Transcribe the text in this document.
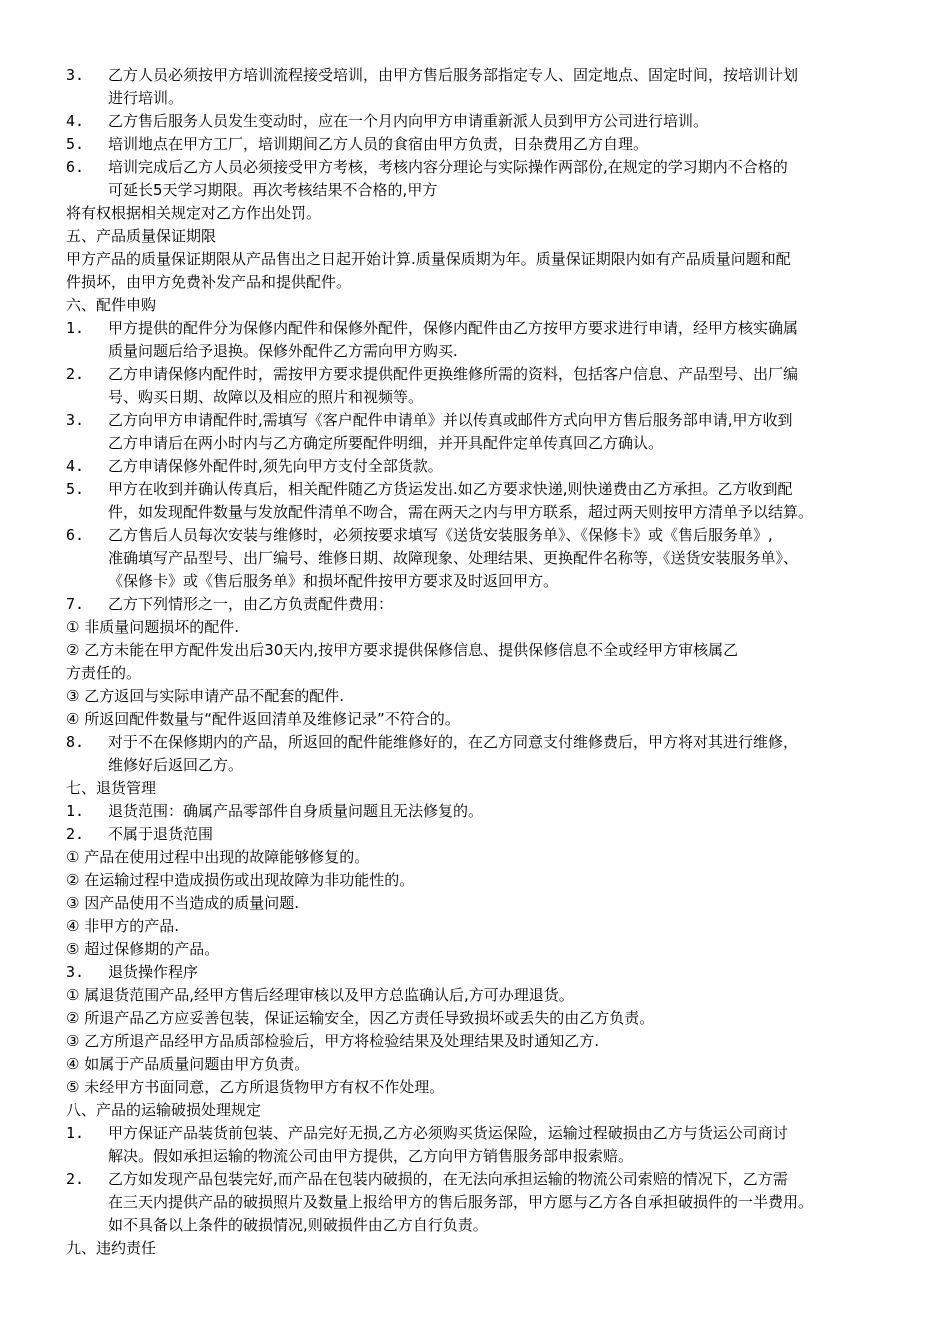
3.	乙方人员必须按甲方培训流程接受培训，由甲方售后服务部指定专人、固定地点、固定时间，按培训计划
进行培训。
4.	乙方售后服务人员发生变动时，应在一个月内向甲方申请重新派人员到甲方公司进行培训。
5.	培训地点在甲方工厂，培训期间乙方人员的食宿由甲方负责，日杂费用乙方自理。
6.	培训完成后乙方人员必须接受甲方考核，考核内容分理论与实际操作两部份,在规定的学习期内不合格的
可延长5天学习期限。再次考核结果不合格的,甲方
将有权根据相关规定对乙方作出处罚。
五、产品质量保证期限
甲方产品的质量保证期限从产品售出之日起开始计算.质量保质期为年。质量保证期限内如有产品质量问题和配
件损坏，由甲方免费补发产品和提供配件。
六、配件申购
1.	甲方提供的配件分为保修内配件和保修外配件，保修内配件由乙方按甲方要求进行申请，经甲方核实确属
质量问题后给予退换。保修外配件乙方需向甲方购买.
2.	乙方申请保修内配件时，需按甲方要求提供配件更换维修所需的资料，包括客户信息、产品型号、出厂编
号、购买日期、故障以及相应的照片和视频等。
3.	乙方向甲方申请配件时,需填写《客户配件申请单》并以传真或邮件方式向甲方售后服务部申请,甲方收到
乙方申请后在两小时内与乙方确定所要配件明细，并开具配件定单传真回乙方确认。
4.	乙方申请保修外配件时,须先向甲方支付全部货款。
5.	甲方在收到并确认传真后，相关配件随乙方货运发出.如乙方要求快递,则快递费由乙方承担。乙方收到配
件，如发现配件数量与发放配件清单不吻合，需在两天之内与甲方联系，超过两天则按甲方清单予以结算。
6.	乙方售后人员每次安装与维修时，必须按要求填写《送货安装服务单》、《保修卡》或《售后服务单》,
准确填写产品型号、出厂编号、维修日期、故障现象、处理结果、更换配件名称等，《送货安装服务单》、
《保修卡》或《售后服务单》和损坏配件按甲方要求及时返回甲方。
7.	乙方下列情形之一，由乙方负责配件费用：
① 非质量问题损坏的配件.
② 乙方未能在甲方配件发出后30天内,按甲方要求提供保修信息、提供保修信息不全或经甲方审核属乙
方责任的。
③ 乙方返回与实际申请产品不配套的配件.
④ 所返回配件数量与“配件返回清单及维修记录”不符合的。
8.	对于不在保修期内的产品，所返回的配件能维修好的，在乙方同意支付维修费后，甲方将对其进行维修，
维修好后返回乙方。
七、退货管理
1.	退货范围：确属产品零部件自身质量问题且无法修复的。
2.	不属于退货范围
① 产品在使用过程中出现的故障能够修复的。
② 在运输过程中造成损伤或出现故障为非功能性的。
③ 因产品使用不当造成的质量问题.
④ 非甲方的产品.
⑤ 超过保修期的产品。
3.	退货操作程序
① 属退货范围产品,经甲方售后经理审核以及甲方总监确认后,方可办理退货。
② 所退产品乙方应妥善包装，保证运输安全，因乙方责任导致损坏或丢失的由乙方负责。
③ 乙方所退产品经甲方品质部检验后，甲方将检验结果及处理结果及时通知乙方.
④ 如属于产品质量问题由甲方负责。
⑤ 未经甲方书面同意，乙方所退货物甲方有权不作处理。
八、产品的运输破损处理规定
1.	甲方保证产品装货前包装、产品完好无损,乙方必须购买货运保险，运输过程破损由乙方与货运公司商讨
解决。假如承担运输的物流公司由甲方提供，乙方向甲方销售服务部申报索赔。
2.	乙方如发现产品包装完好,而产品在包装内破损的，在无法向承担运输的物流公司索赔的情况下，乙方需
在三天内提供产品的破损照片及数量上报给甲方的售后服务部，甲方愿与乙方各自承担破损件的一半费用。
如不具备以上条件的破损情况,则破损件由乙方自行负责。
九、违约责任
